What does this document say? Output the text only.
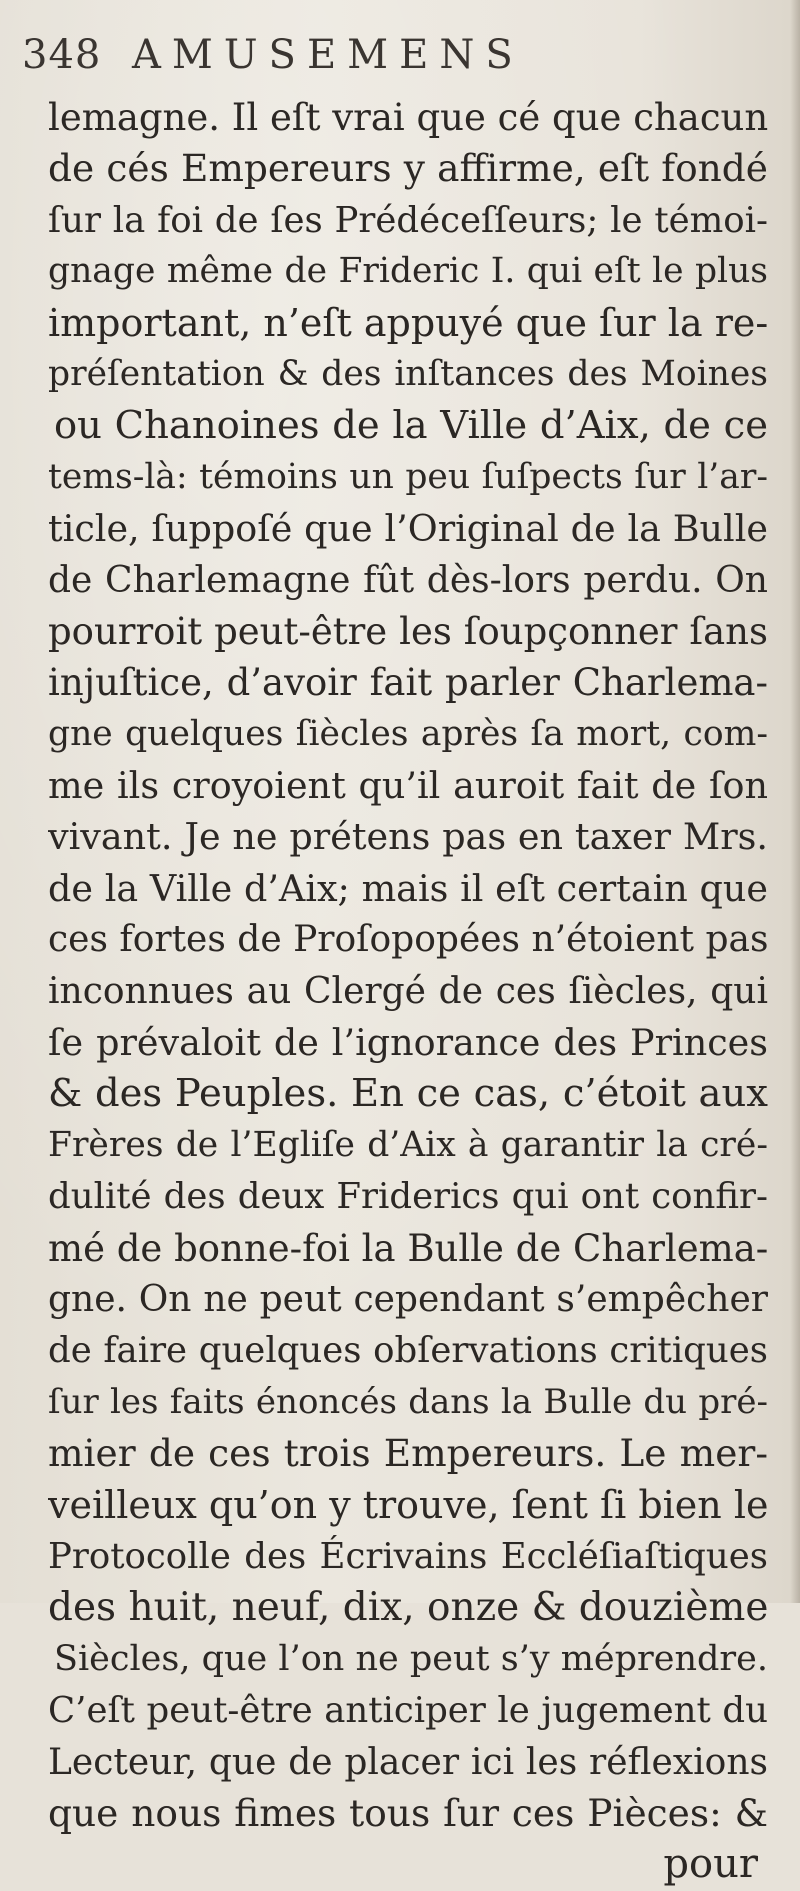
348 AMUSEMENS
lemagne. Il eſt vrai que cé que chacun
de cés Empereurs y affirme, eſt fondé
ſur la foi de ſes Prédéceſſeurs; le témoi-
gnage même de Frideric I. qui eſt le plus
important, n’eſt appuyé que ſur la re-
préſentation & des inſtances des Moines
ou Chanoines de la Ville d’Aix, de ce
tems-là: témoins un peu ſuſpects ſur l’ar-
ticle, ſuppoſé que l’Original de la Bulle
de Charlemagne fût dès-lors perdu. On
pourroit peut-être les ſoupçonner ſans
injuſtice, d’avoir fait parler Charlema-
gne quelques ſiècles après ſa mort, com-
me ils croyoient qu’il auroit fait de ſon
vivant. Je ne prétens pas en taxer Mrs.
de la Ville d’Aix; mais il eſt certain que
ces fortes de Proſopopées n’étoient pas
inconnues au Clergé de ces ſiècles, qui
ſe prévaloit de l’ignorance des Princes
& des Peuples. En ce cas, c’étoit aux
Frères de l’Egliſe d’Aix à garantir la cré-
dulité des deux Friderics qui ont confir-
mé de bonne-foi la Bulle de Charlema-
gne. On ne peut cependant s’empêcher
de faire quelques obſervations critiques
ſur les faits énoncés dans la Bulle du pré-
mier de ces trois Empereurs. Le mer-
veilleux qu’on y trouve, ſent ſi bien le
Protocolle des Écrivains Eccléſiaſtiques
des huit, neuf, dix, onze & douzième
Siècles, que l’on ne peut s’y méprendre.
C’eſt peut-être anticiper le jugement du
Lecteur, que de placer ici les réflexions
que nous fimes tous ſur ces Pièces: &
pour
